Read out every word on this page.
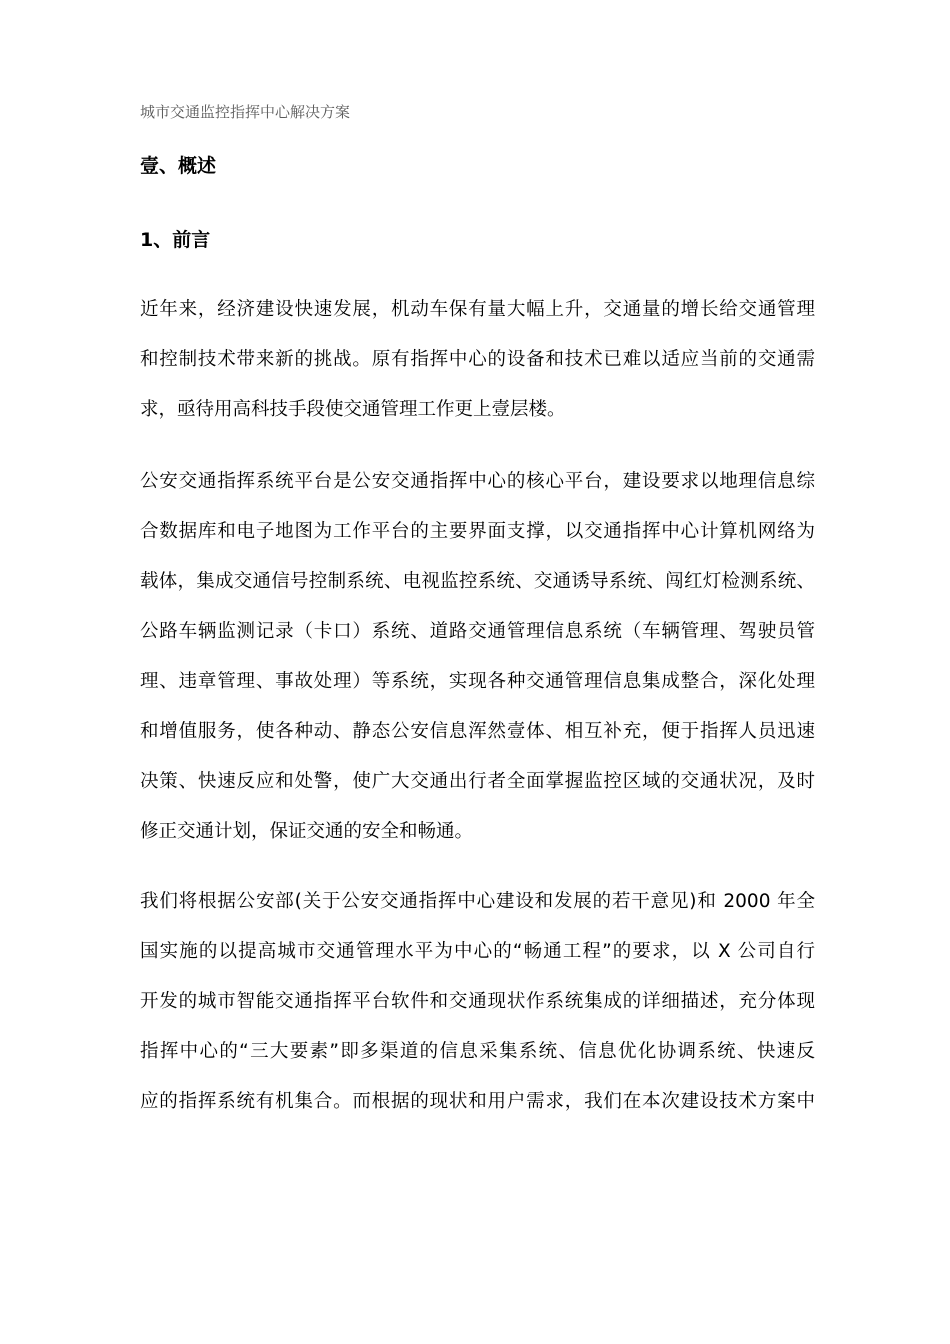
城市交通监控指挥中心解决方案
壹、概述
1、前言
近年来，经济建设快速发展，机动车保有量大幅上升，交通量的增长给交通管理
和控制技术带来新的挑战。原有指挥中心的设备和技术已难以适应当前的交通需
求，亟待用高科技手段使交通管理工作更上壹层楼。
公安交通指挥系统平台是公安交通指挥中心的核心平台，建设要求以地理信息综
合数据库和电子地图为工作平台的主要界面支撑，以交通指挥中心计算机网络为
载体，集成交通信号控制系统、电视监控系统、交通诱导系统、闯红灯检测系统、
公路车辆监测记录（卡口）系统、道路交通管理信息系统（车辆管理、驾驶员管
理、违章管理、事故处理）等系统，实现各种交通管理信息集成整合，深化处理
和增值服务，使各种动、静态公安信息浑然壹体、相互补充，便于指挥人员迅速
决策、快速反应和处警，使广大交通出行者全面掌握监控区域的交通状况，及时
修正交通计划，保证交通的安全和畅通。
我们将根据公安部(关于公安交通指挥中心建设和发展的若干意见)和 2000 年全
国实施的以提高城市交通管理水平为中心的“畅通工程”的要求，以 X 公司自行
开发的城市智能交通指挥平台软件和交通现状作系统集成的详细描述，充分体现
指挥中心的“三大要素”即多渠道的信息采集系统、信息优化协调系统、快速反
应的指挥系统有机集合。而根据的现状和用户需求，我们在本次建设技术方案中
